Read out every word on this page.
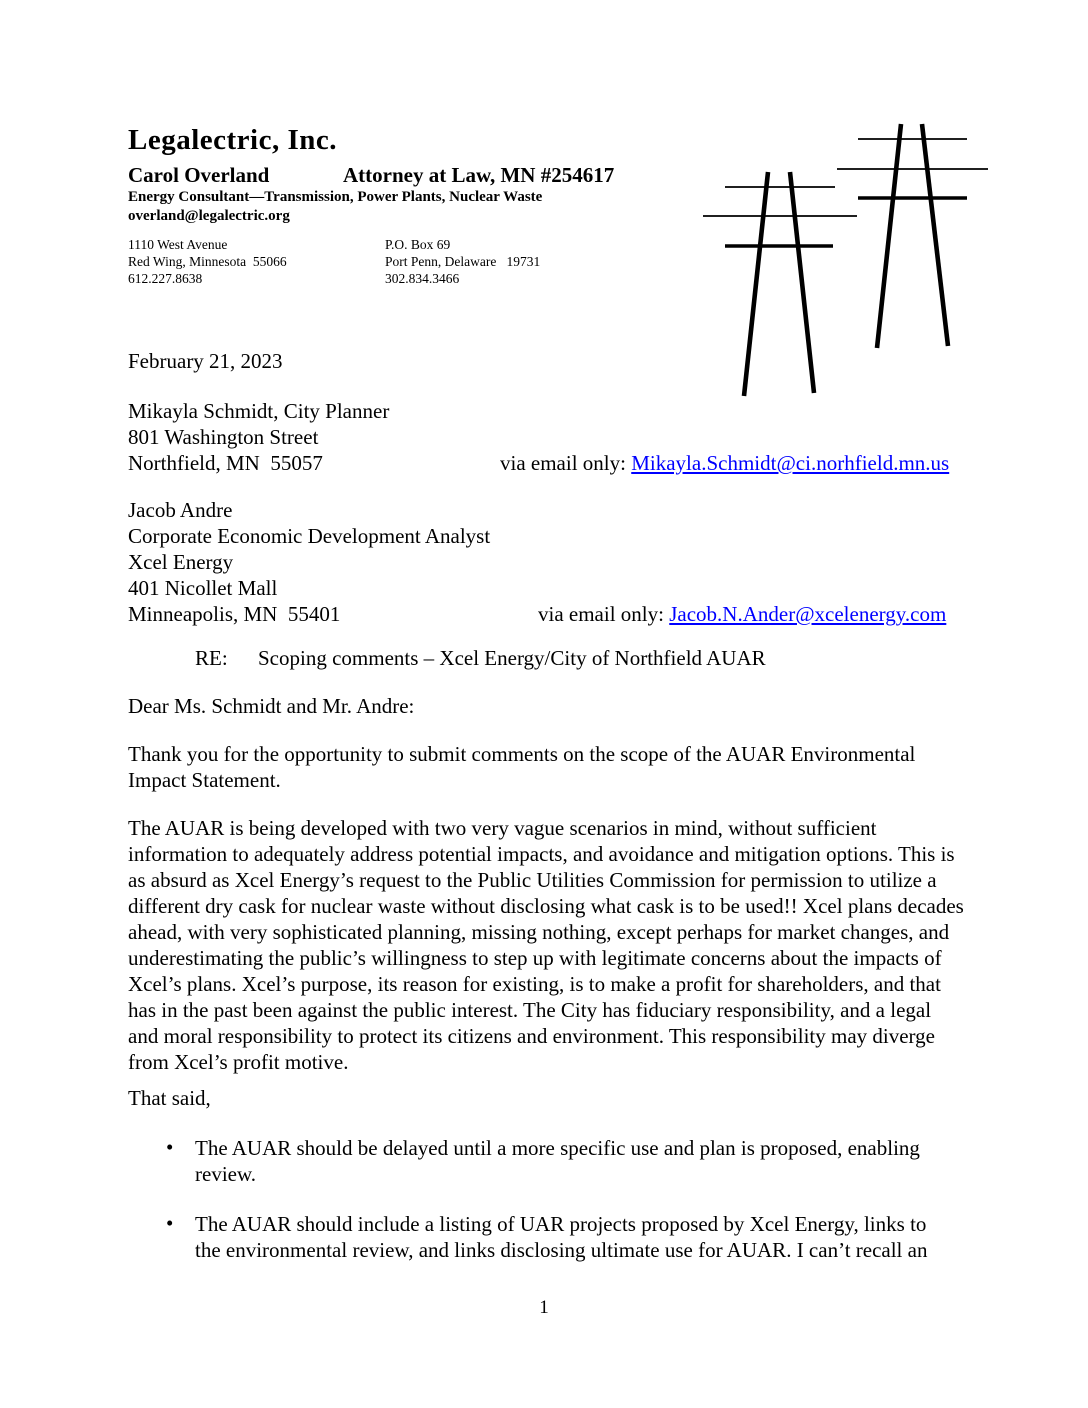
Legalectric, Inc.
Carol Overland	Attorney at Law, MN #254617
Energy Consultant—Transmission, Power Plants, Nuclear Waste
overland@legalectric.org
1110 West Avenue
Red Wing, Minnesota  55066
612.227.8638
P.O. Box 69
Port Penn, Delaware   19731
302.834.3466
February 21, 2023
Mikayla Schmidt, City Planner
801 Washington Street
Northfield, MN  55057	via email only: Mikayla.Schmidt@ci.norhfield.mn.us
Jacob Andre
Corporate Economic Development Analyst
Xcel Energy
401 Nicollet Mall
Minneapolis, MN  55401	via email only: Jacob.N.Ander@xcelenergy.com
RE: Scoping comments – Xcel Energy/City of Northfield AUAR
Dear Ms. Schmidt and Mr. Andre:
Thank you for the opportunity to submit comments on the scope of the AUAR Environmental Impact Statement.
The AUAR is being developed with two very vague scenarios in mind, without sufficient information to adequately address potential impacts, and avoidance and mitigation options. This is as absurd as Xcel Energy’s request to the Public Utilities Commission for permission to utilize a different dry cask for nuclear waste without disclosing what cask is to be used!! Xcel plans decades ahead, with very sophisticated planning, missing nothing, except perhaps for market changes, and underestimating the public’s willingness to step up with legitimate concerns about the impacts of Xcel’s plans. Xcel’s purpose, its reason for existing, is to make a profit for shareholders, and that has in the past been against the public interest. The City has fiduciary responsibility, and a legal and moral responsibility to protect its citizens and environment. This responsibility may diverge from Xcel’s profit motive.
That said,
• The AUAR should be delayed until a more specific use and plan is proposed, enabling review.
• The AUAR should include a listing of UAR projects proposed by Xcel Energy, links to the environmental review, and links disclosing ultimate use for AUAR. I can’t recall an
1
